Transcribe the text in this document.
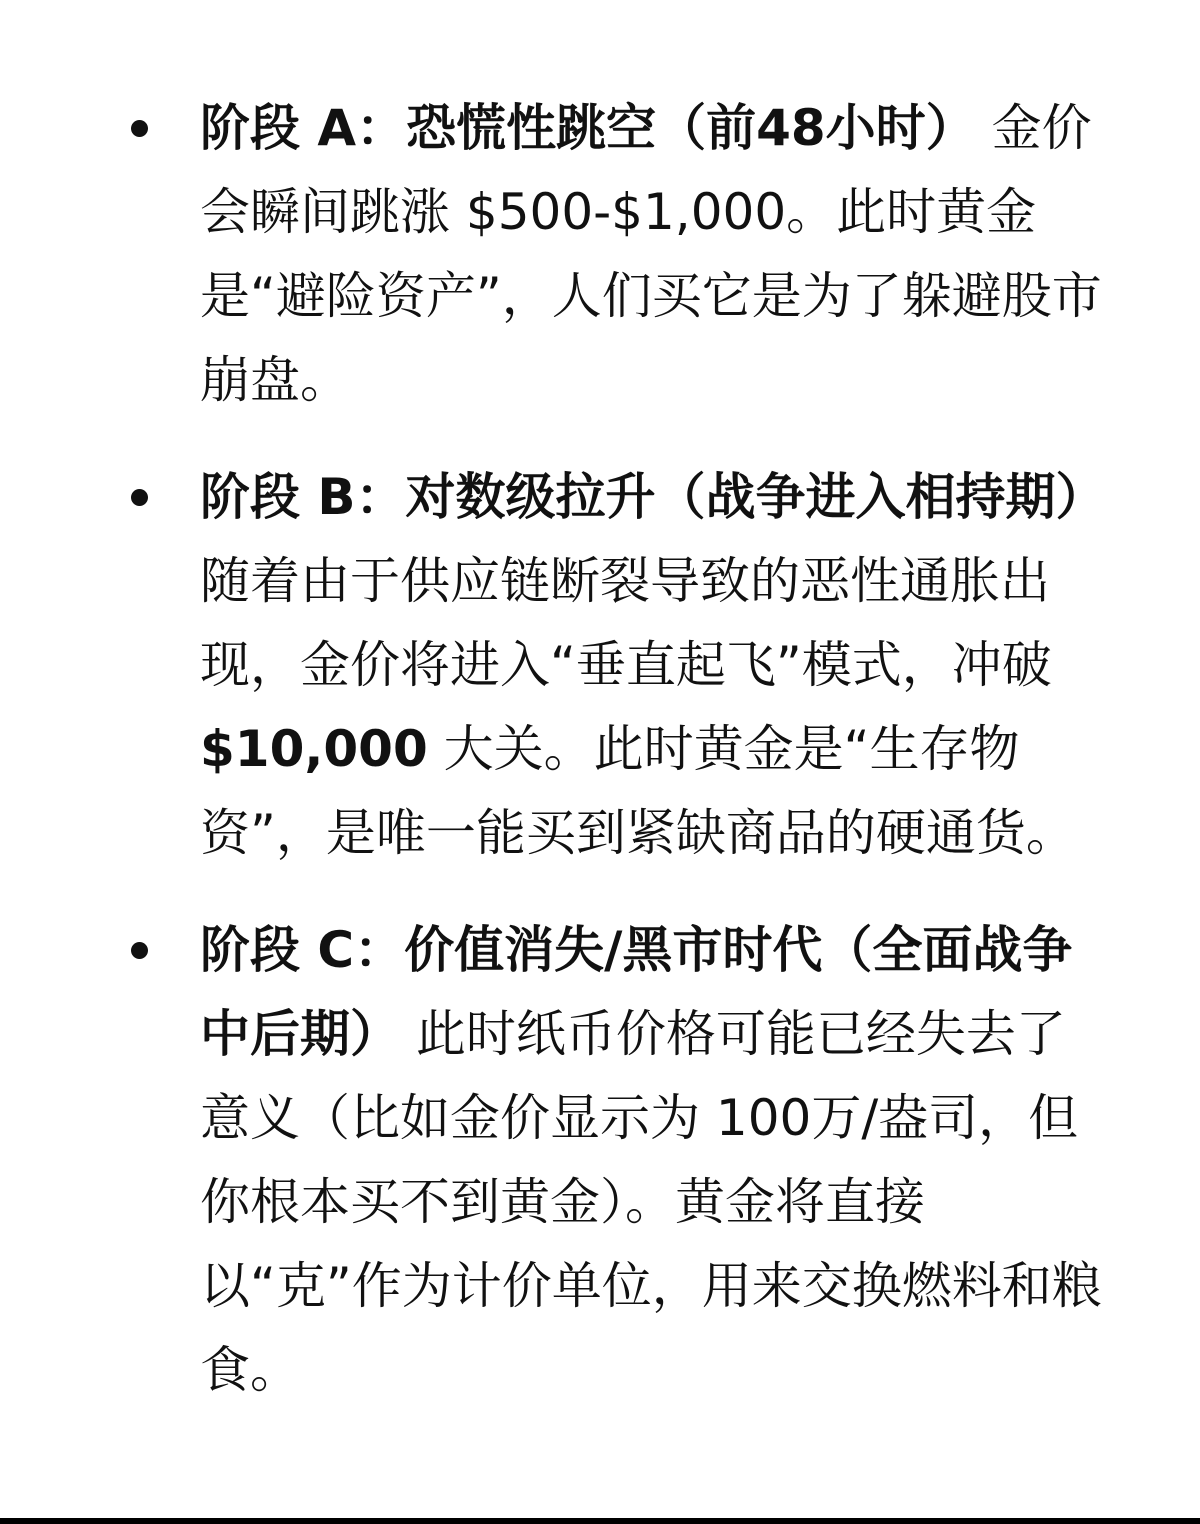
阶段 A：恐慌性跳空（前48小时） 金价会瞬间跳涨 $500-$1,000。此时黄金是“避险资产”，人们买它是为了躲避股市崩盘。
阶段 B：对数级拉升（战争进入相持期） 随着由于供应链断裂导致的恶性通胀出现，金价将进入“垂直起飞”模式，冲破 $10,000 大关。此时黄金是“生存物资”，是唯一能买到紧缺商品的硬通货。
阶段 C：价值消失/黑市时代（全面战争中后期） 此时纸币价格可能已经失去了意义（比如金价显示为 100万/盎司，但你根本买不到黄金）。黄金将直接以“克”作为计价单位，用来交换燃料和粮食。
